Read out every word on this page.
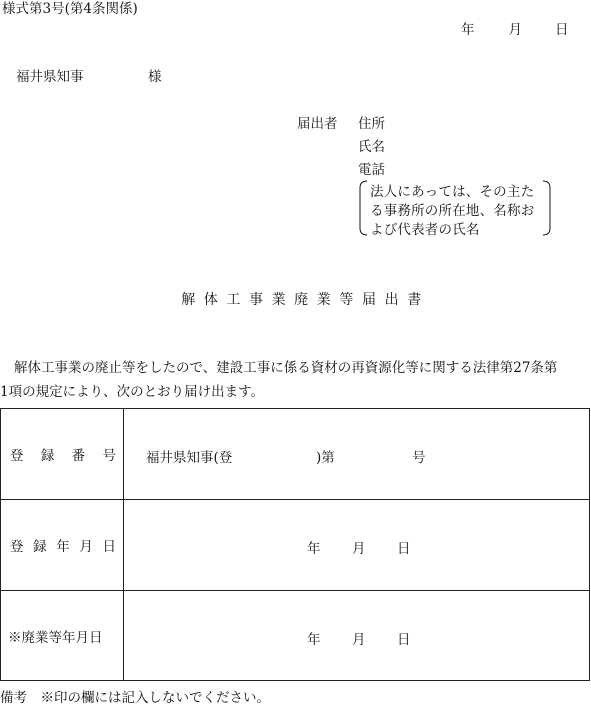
様式第3号(第4条関係)
年	月 日
福井県知事	様
届出者 住所
氏名
電話
法人にあっては、その主た
る事務所の所在地、名称お
よび代表者の氏名
解体工事業廃業等届出書
解体工事業の廃止等をしたので、建設工事に係る資材の再資源化等に関する法律第27条第
1項の規定により、次のとおり届け出ます。
登 録 番 号	福井県知事(登 )第 号

登 録 年 月 日	年 月 日

※廃業等年月日	年 月 日
備考　※印の欄には記入しないでください。
